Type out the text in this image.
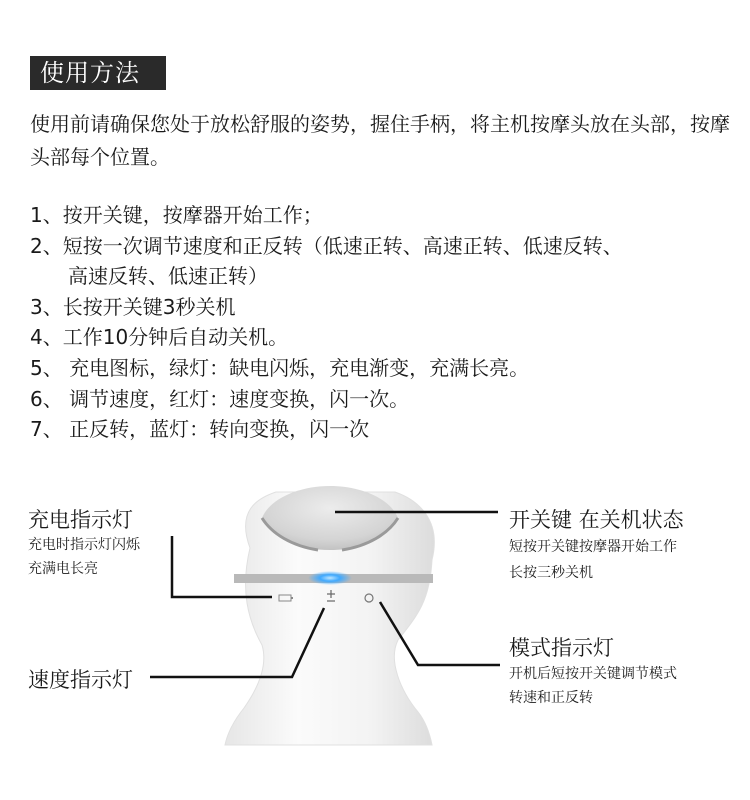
使用方法
使用前请确保您处于放松舒服的姿势，握住手柄，将主机按摩头放在头部，按摩头部每个位置。
1、按开关键，按摩器开始工作；
2、短按一次调节速度和正反转（低速正转、高速正转、低速反转、
高速反转、低速正转）
3、长按开关键3秒关机
4、工作10分钟后自动关机。
5、 充电图标，绿灯：缺电闪烁，充电渐变，充满长亮。
6、 调节速度，红灯：速度变换，闪一次。
7、 正反转，蓝灯：转向变换，闪一次
充电指示灯
充电时指示灯闪烁
充满电长亮
开关键 在关机状态
短按开关键按摩器开始工作
长按三秒关机
模式指示灯
开机后短按开关键调节模式
转速和正反转
速度指示灯
